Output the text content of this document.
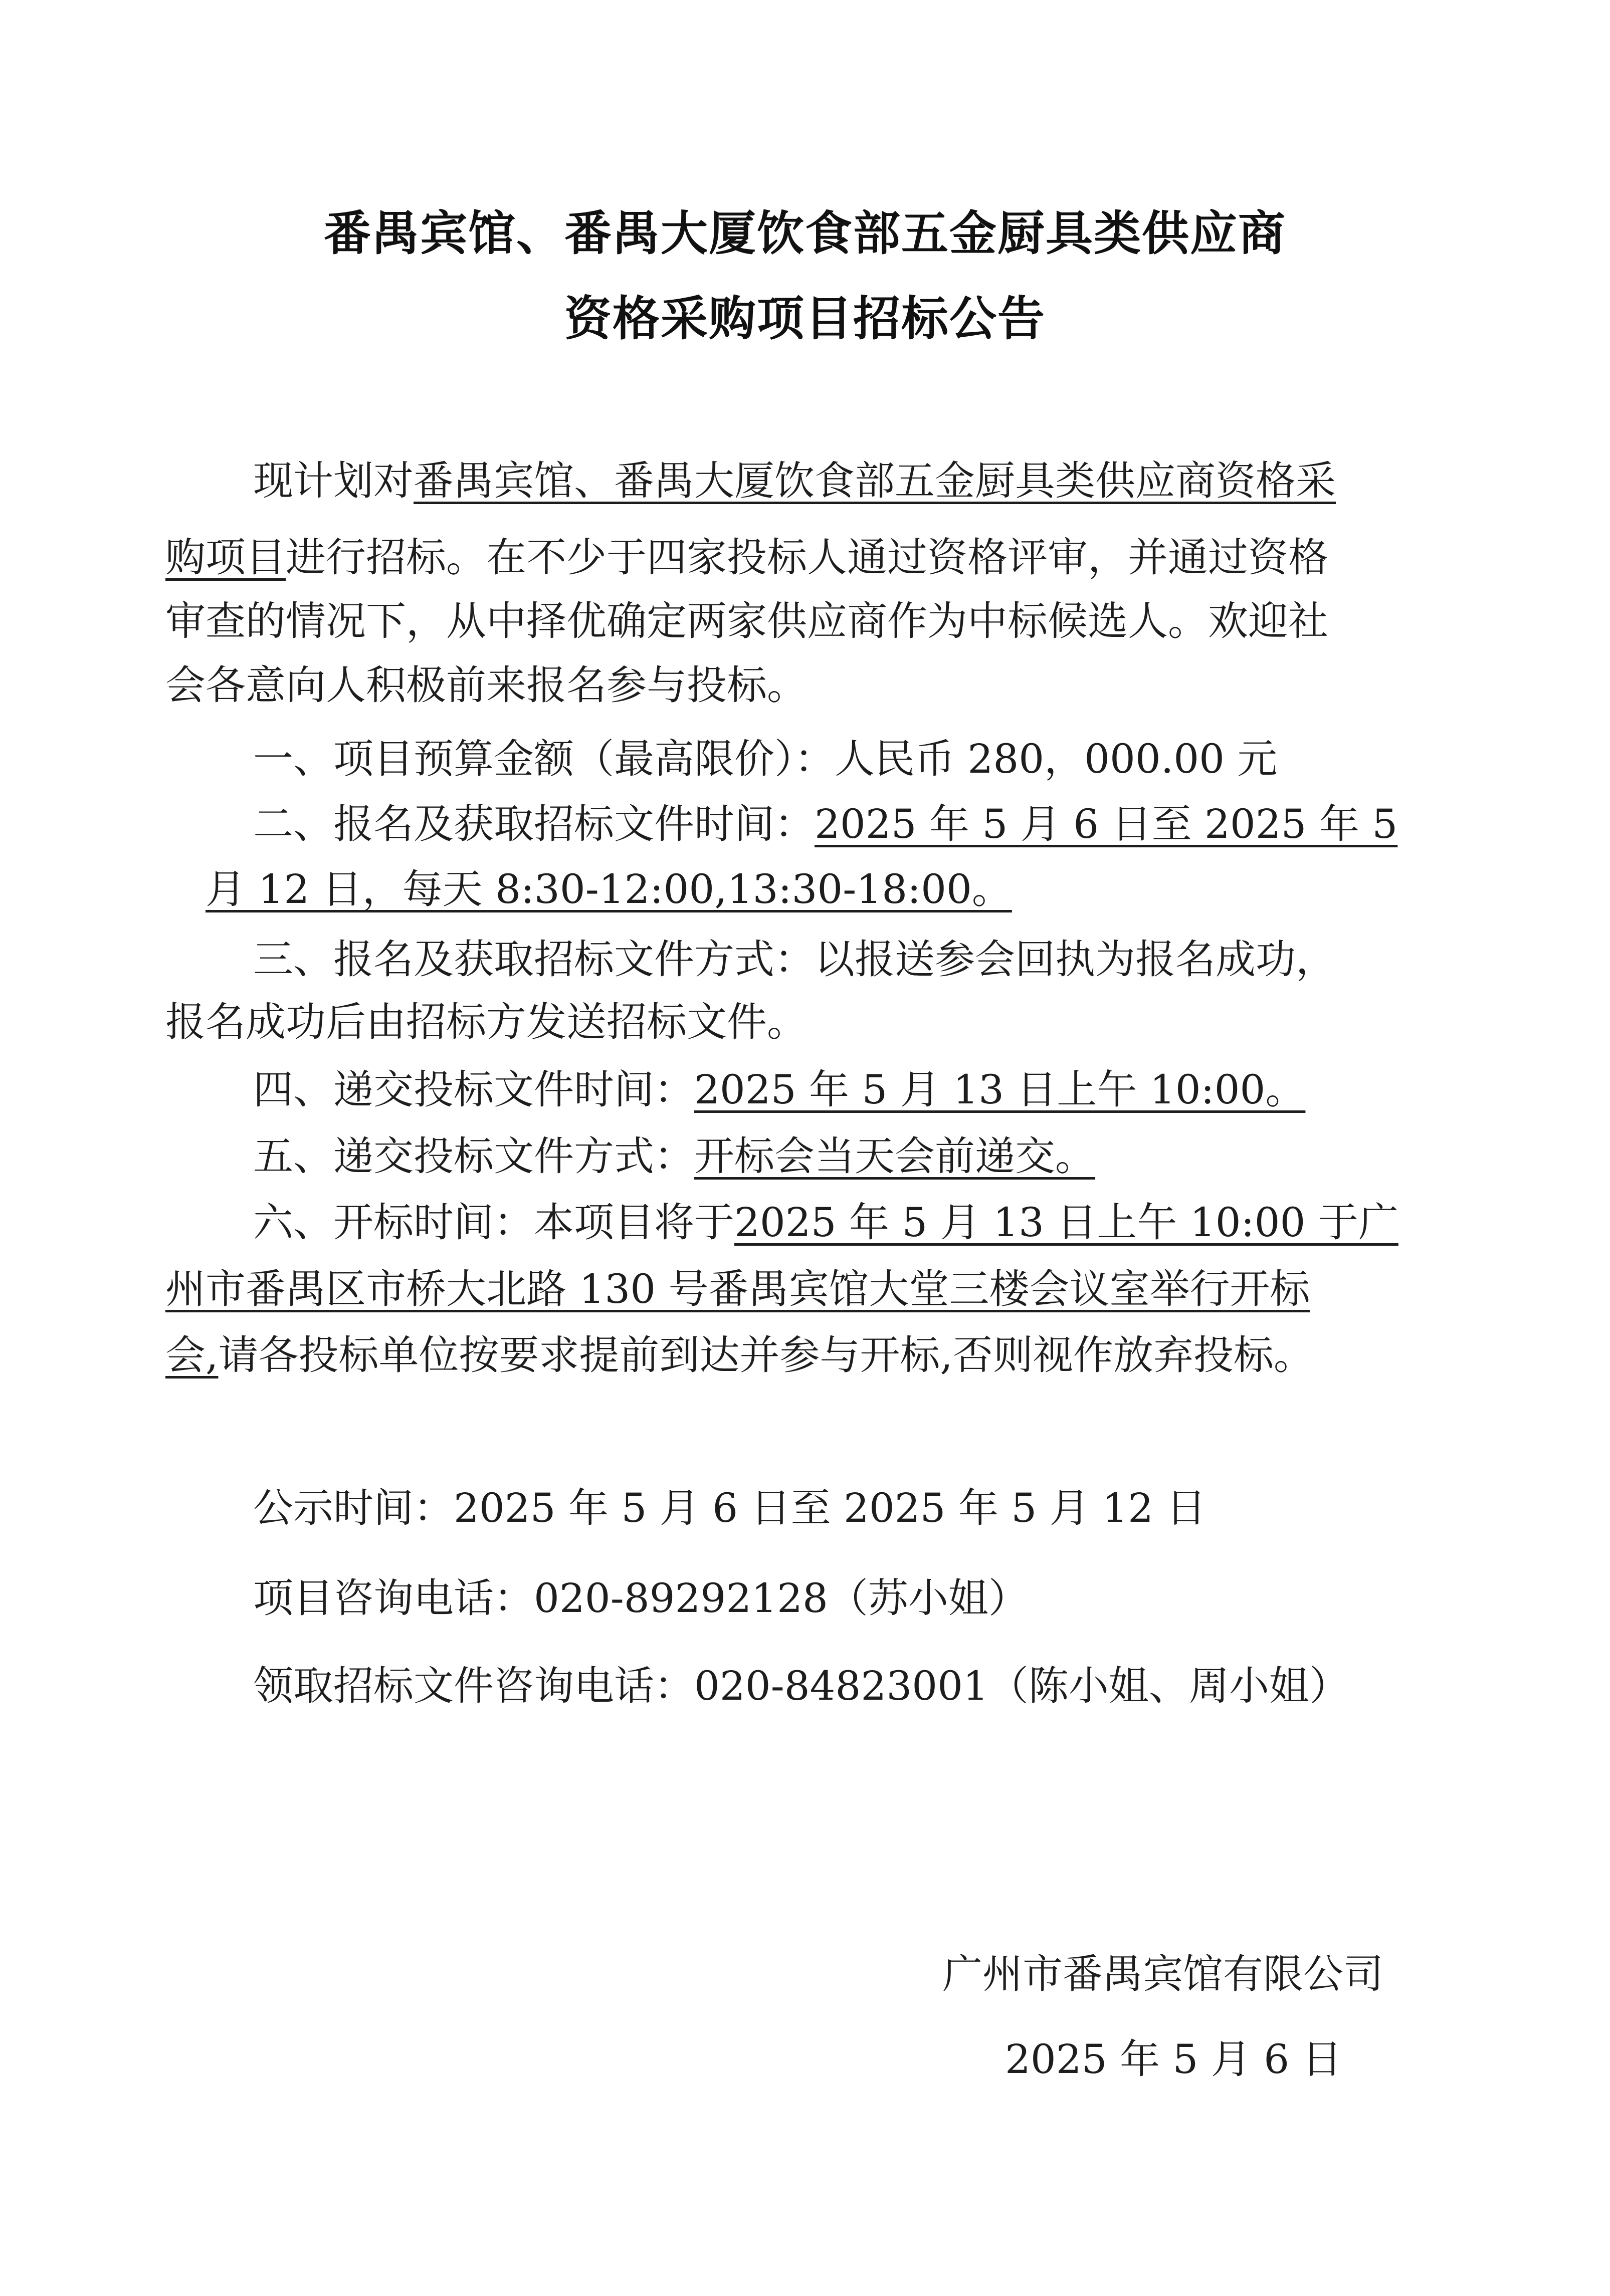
番禺宾馆、番禺大厦饮食部五金厨具类供应商
资格采购项目招标公告
现计划对番禺宾馆、番禺大厦饮食部五金厨具类供应商资格采
购项目进行招标。在不少于四家投标人通过资格评审，并通过资格
审查的情况下，从中择优确定两家供应商作为中标候选人。欢迎社
会各意向人积极前来报名参与投标。
一、项目预算金额（最高限价）：人民币 280，000.00 元
二、报名及获取招标文件时间：2025 年 5 月 6 日至 2025 年 5
月 12 日，每天 8:30-12:00,13:30-18:00。
三、报名及获取招标文件方式：以报送参会回执为报名成功，
报名成功后由招标方发送招标文件。
四、递交投标文件时间：2025 年 5 月 13 日上午 10:00。
五、递交投标文件方式：开标会当天会前递交。
六、开标时间：本项目将于2025 年 5 月 13 日上午 10:00 于广
州市番禺区市桥大北路 130 号番禺宾馆大堂三楼会议室举行开标
会,请各投标单位按要求提前到达并参与开标,否则视作放弃投标。
公示时间：2025 年 5 月 6 日至 2025 年 5 月 12 日
项目咨询电话：020-89292128（苏小姐）
领取招标文件咨询电话：020-84823001（陈小姐、周小姐）
广州市番禺宾馆有限公司
2025 年 5 月 6 日
